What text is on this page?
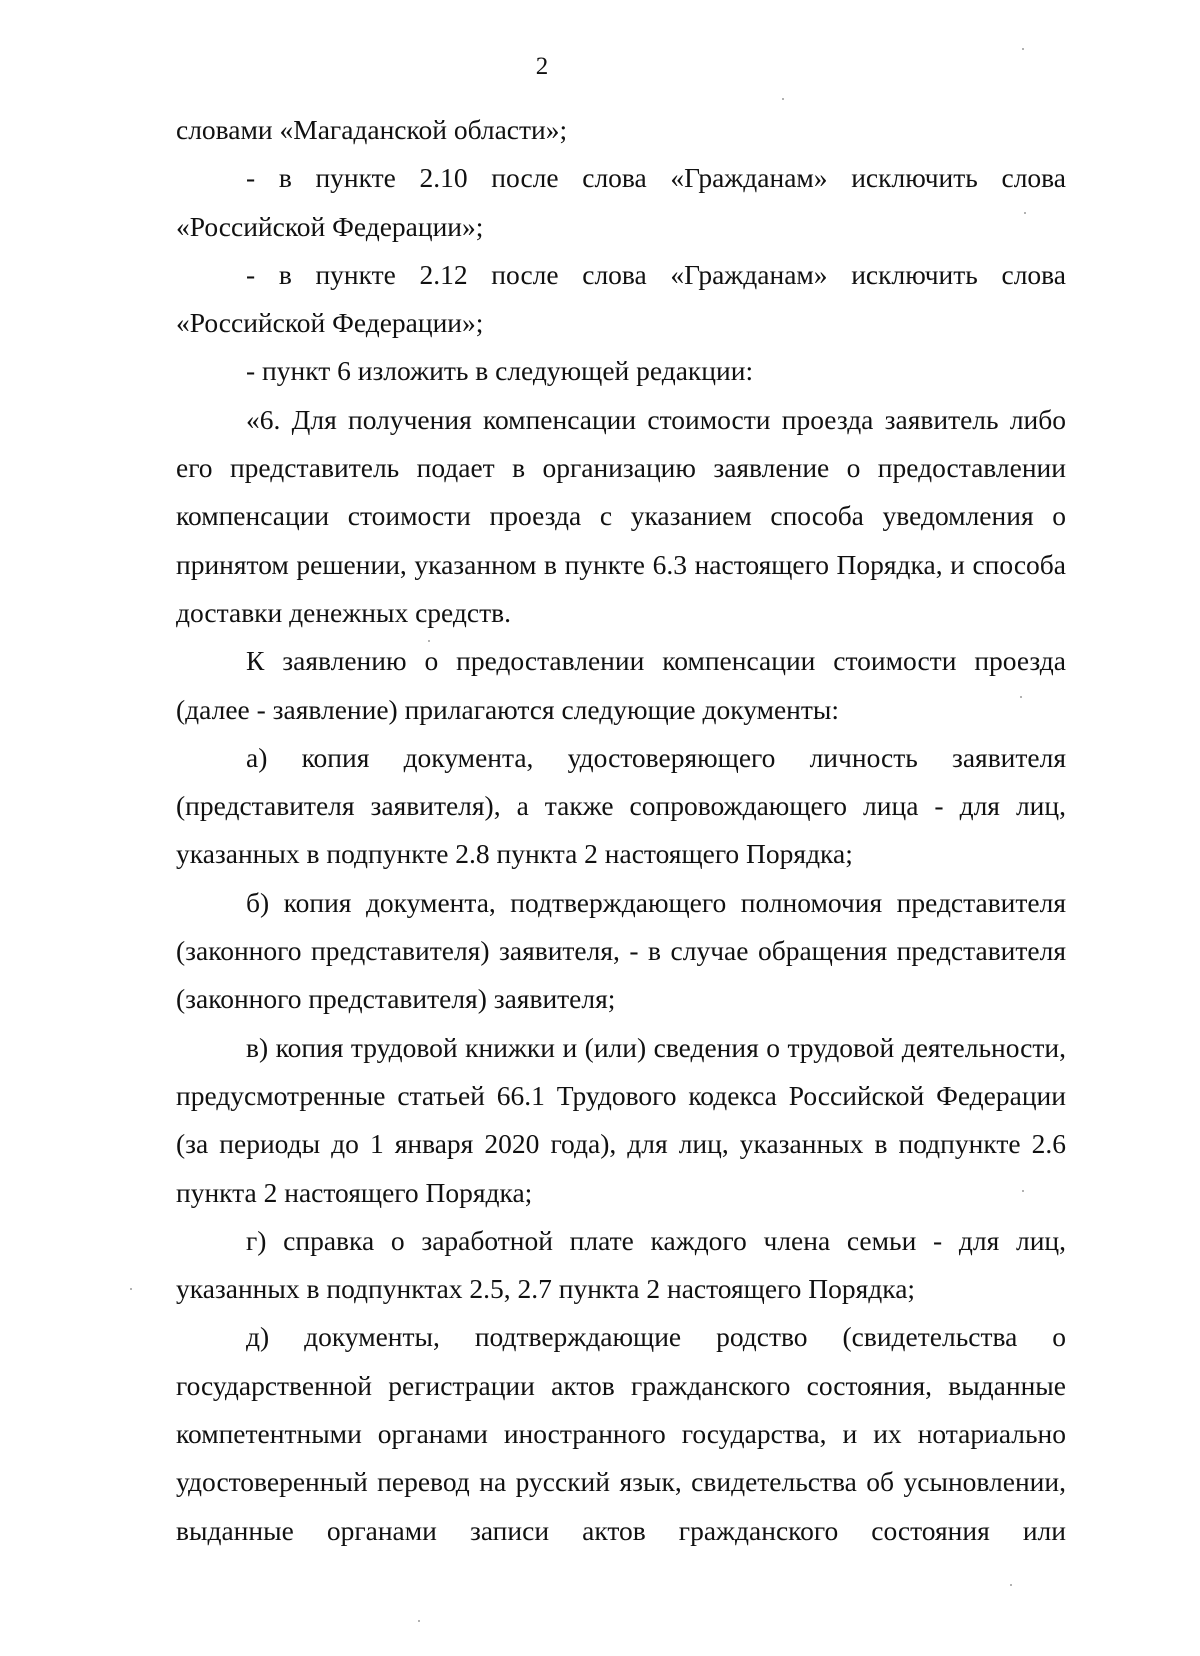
2

словами «Магаданской области»;

- в пункте 2.10 после слова «Гражданам» исключить слова «Российской Федерации»;

- в пункте 2.12 после слова «Гражданам» исключить слова «Российской Федерации»;

- пункт 6 изложить в следующей редакции:

«6. Для получения компенсации стоимости проезда заявитель либо его представитель подает в организацию заявление о предоставлении компенсации стоимости проезда с указанием способа уведомления о принятом решении, указанном в пункте 6.3 настоящего Порядка, и способа доставки денежных средств.

К заявлению о предоставлении компенсации стоимости проезда (далее - заявление) прилагаются следующие документы:

а) копия документа, удостоверяющего личность заявителя (представителя заявителя), а также сопровождающего лица - для лиц, указанных в подпункте 2.8 пункта 2 настоящего Порядка;

б) копия документа, подтверждающего полномочия представителя (законного представителя) заявителя, - в случае обращения представителя (законного представителя) заявителя;

в) копия трудовой книжки и (или) сведения о трудовой деятельности, предусмотренные статьей 66.1 Трудового кодекса Российской Федерации (за периоды до 1 января 2020 года), для лиц, указанных в подпункте 2.6 пункта 2 настоящего Порядка;

г) справка о заработной плате каждого члена семьи - для лиц, указанных в подпунктах 2.5, 2.7 пункта 2 настоящего Порядка;

д) документы, подтверждающие родство (свидетельства о государственной регистрации актов гражданского состояния, выданные компетентными органами иностранного государства, и их нотариально удостоверенный перевод на русский язык, свидетельства об усыновлении, выданные органами записи актов гражданского состояния или
